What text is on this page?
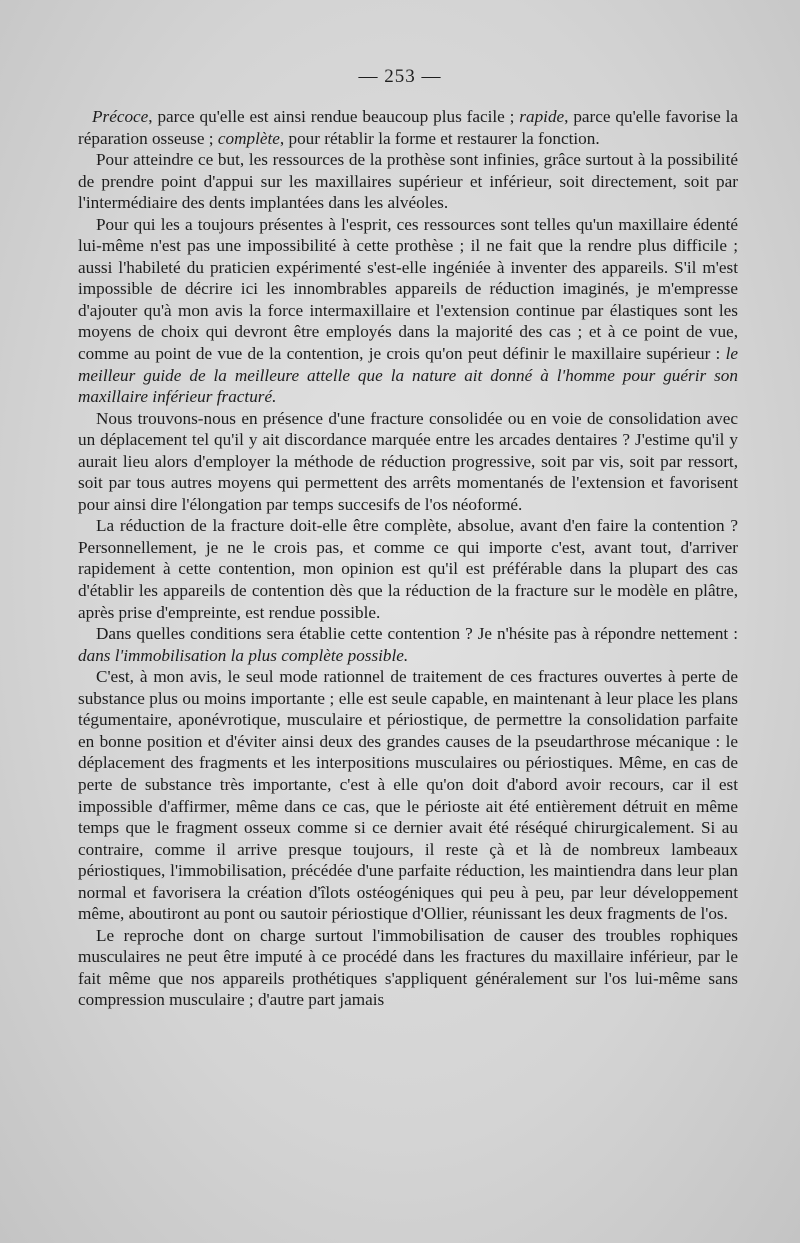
— 253 —

Précoce, parce qu'elle est ainsi rendue beaucoup plus facile ; rapide, parce qu'elle favorise la réparation osseuse ; complète, pour rétablir la forme et restaurer la fonction.

Pour atteindre ce but, les ressources de la prothèse sont infinies, grâce surtout à la possibilité de prendre point d'appui sur les maxillaires supérieur et inférieur, soit directement, soit par l'intermédiaire des dents implantées dans les alvéoles.

Pour qui les a toujours présentes à l'esprit, ces ressources sont telles qu'un maxillaire édenté lui-même n'est pas une impossibilité à cette prothèse ; il ne fait que la rendre plus difficile ; aussi l'habileté du praticien expérimenté s'est-elle ingéniée à inventer des appareils. S'il m'est impossible de décrire ici les innombrables appareils de réduction imaginés, je m'empresse d'ajouter qu'à mon avis la force intermaxillaire et l'extension continue par élastiques sont les moyens de choix qui devront être employés dans la majorité des cas ; et à ce point de vue, comme au point de vue de la contention, je crois qu'on peut définir le maxillaire supérieur : le meilleur guide de la meilleure attelle que la nature ait donné à l'homme pour guérir son maxillaire inférieur fracturé.

Nous trouvons-nous en présence d'une fracture consolidée ou en voie de consolidation avec un déplacement tel qu'il y ait discordance marquée entre les arcades dentaires ? J'estime qu'il y aurait lieu alors d'employer la méthode de réduction progressive, soit par vis, soit par ressort, soit par tous autres moyens qui permettent des arrêts momentanés de l'extension et favorisent pour ainsi dire l'élongation par temps succesifs de l'os néoformé.

La réduction de la fracture doit-elle être complète, absolue, avant d'en faire la contention ? Personnellement, je ne le crois pas, et comme ce qui importe c'est, avant tout, d'arriver rapidement à cette contention, mon opinion est qu'il est préférable dans la plupart des cas d'établir les appareils de contention dès que la réduction de la fracture sur le modèle en plâtre, après prise d'empreinte, est rendue possible.

Dans quelles conditions sera établie cette contention ? Je n'hésite pas à répondre nettement : dans l'immobilisation la plus complète possible.

C'est, à mon avis, le seul mode rationnel de traitement de ces fractures ouvertes à perte de substance plus ou moins importante ; elle est seule capable, en maintenant à leur place les plans tégumentaire, aponévrotique, musculaire et périostique, de permettre la consolidation parfaite en bonne position et d'éviter ainsi deux des grandes causes de la pseudarthrose mécanique : le déplacement des fragments et les interpositions musculaires ou périostiques. Même, en cas de perte de substance très importante, c'est à elle qu'on doit d'abord avoir recours, car il est impossible d'affirmer, même dans ce cas, que le périoste ait été entièrement détruit en même temps que le fragment osseux comme si ce dernier avait été réséqué chirurgicalement. Si au contraire, comme il arrive presque toujours, il reste çà et là de nombreux lambeaux périostiques, l'immobilisation, précédée d'une parfaite réduction, les maintiendra dans leur plan normal et favorisera la création d'îlots ostéogéniques qui peu à peu, par leur développement même, aboutiront au pont ou sautoir périostique d'Ollier, réunissant les deux fragments de l'os.

Le reproche dont on charge surtout l'immobilisation de causer des troubles rophiques musculaires ne peut être imputé à ce procédé dans les fractures du maxillaire inférieur, par le fait même que nos appareils prothétiques s'appliquent généralement sur l'os lui-même sans compression musculaire ; d'autre part jamais
